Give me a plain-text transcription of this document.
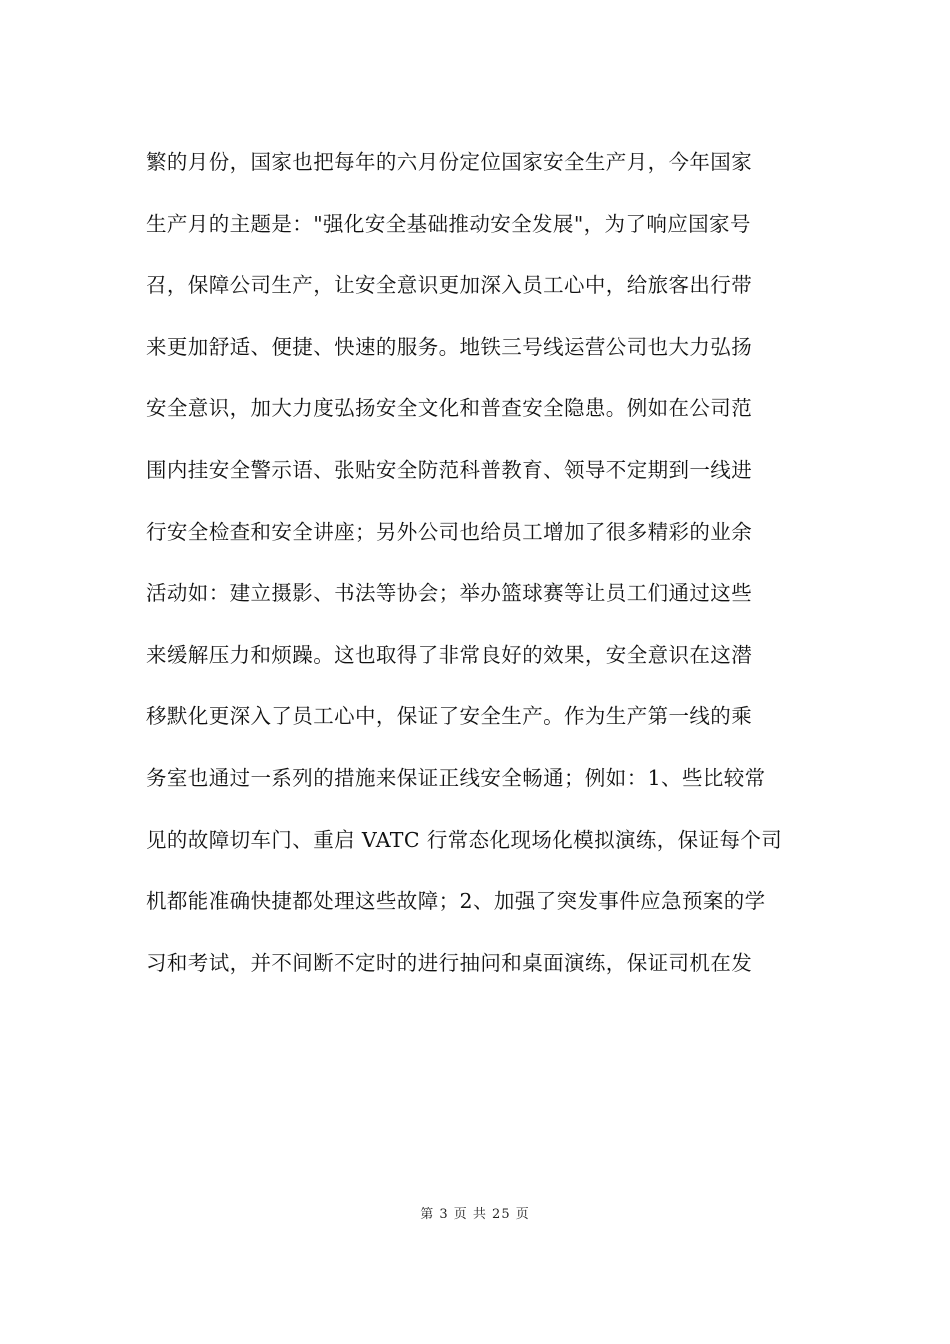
繁的月份，国家也把每年的六月份定位国家安全生产月，今年国家
生产月的主题是："强化安全基础推动安全发展"，为了响应国家号
召，保障公司生产，让安全意识更加深入员工心中，给旅客出行带
来更加舒适、便捷、快速的服务。地铁三号线运营公司也大力弘扬
安全意识，加大力度弘扬安全文化和普查安全隐患。例如在公司范
围内挂安全警示语、张贴安全防范科普教育、领导不定期到一线进
行安全检查和安全讲座；另外公司也给员工增加了很多精彩的业余
活动如：建立摄影、书法等协会；举办篮球赛等让员工们通过这些
来缓解压力和烦躁。这也取得了非常良好的效果，安全意识在这潜
移默化更深入了员工心中，保证了安全生产。作为生产第一线的乘
务室也通过一系列的措施来保证正线安全畅通；例如：1、些比较常
见的故障切车门、重启 VATC 行常态化现场化模拟演练，保证每个司
机都能准确快捷都处理这些故障；2、加强了突发事件应急预案的学
习和考试，并不间断不定时的进行抽问和桌面演练，保证司机在发
第 3 页 共 25 页
